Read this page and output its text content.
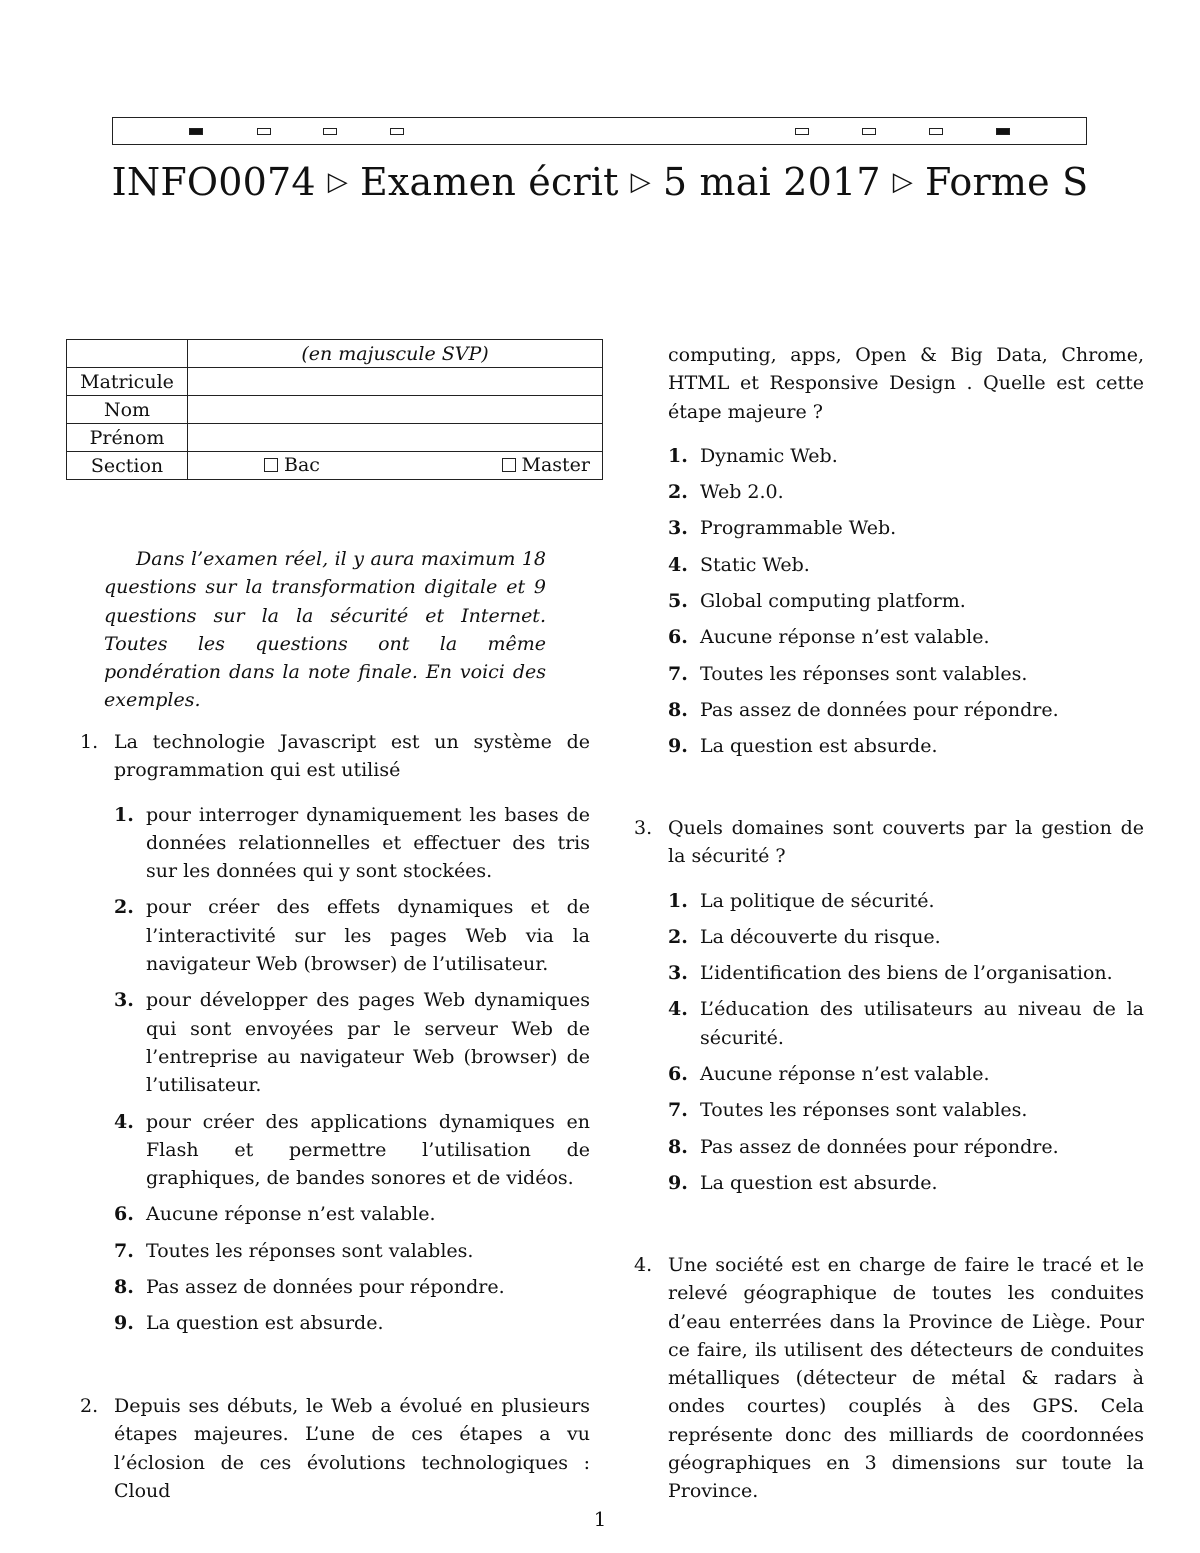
INFO0074 ▷ Examen écrit ▷ 5 mai 2017 ▷ Forme S
	(en majuscule SVP)
Matricule	
Nom	
Prénom	
Section	Bac Master
Dans l’examen réel, il y aura maximum 18 questions sur la transformation digitale et 9 questions sur la la sécurité et Internet. Toutes les questions ont la même pondération dans la note finale. En voici des exemples.
1. La technologie Javascript est un système de programmation qui est utilisé
1. pour interroger dynamiquement les bases de données relationnelles et effectuer des tris sur les données qui y sont stockées.
2. pour créer des effets dynamiques et de l’interactivité sur les pages Web via la navigateur Web (browser) de l’utilisateur.
3. pour développer des pages Web dynamiques qui sont envoyées par le serveur Web de l’entreprise au navigateur Web (browser) de l’utilisateur.
4. pour créer des applications dynamiques en Flash et permettre l’utilisation de graphiques, de bandes sonores et de vidéos.
6. Aucune réponse n’est valable.
7. Toutes les réponses sont valables.
8. Pas assez de données pour répondre.
9. La question est absurde.
2. Depuis ses débuts, le Web a évolué en plusieurs étapes majeures. L’une de ces étapes a vu l’éclosion de ces évolutions technologiques : Cloud
computing, apps, Open & Big Data, Chrome, HTML et Responsive Design . Quelle est cette étape majeure ?
1. Dynamic Web.
2. Web 2.0.
3. Programmable Web.
4. Static Web.
5. Global computing platform.
6. Aucune réponse n’est valable.
7. Toutes les réponses sont valables.
8. Pas assez de données pour répondre.
9. La question est absurde.
3. Quels domaines sont couverts par la gestion de la sécurité ?
1. La politique de sécurité.
2. La découverte du risque.
3. L’identification des biens de l’organisation.
4. L’éducation des utilisateurs au niveau de la sécurité.
6. Aucune réponse n’est valable.
7. Toutes les réponses sont valables.
8. Pas assez de données pour répondre.
9. La question est absurde.
4. Une société est en charge de faire le tracé et le relevé géographique de toutes les conduites d’eau enterrées dans la Province de Liège. Pour ce faire, ils utilisent des détecteurs de conduites métalliques (détecteur de métal & radars à ondes courtes) couplés à des GPS. Cela représente donc des milliards de coordonnées géographiques en 3 dimensions sur toute la Province.
1
